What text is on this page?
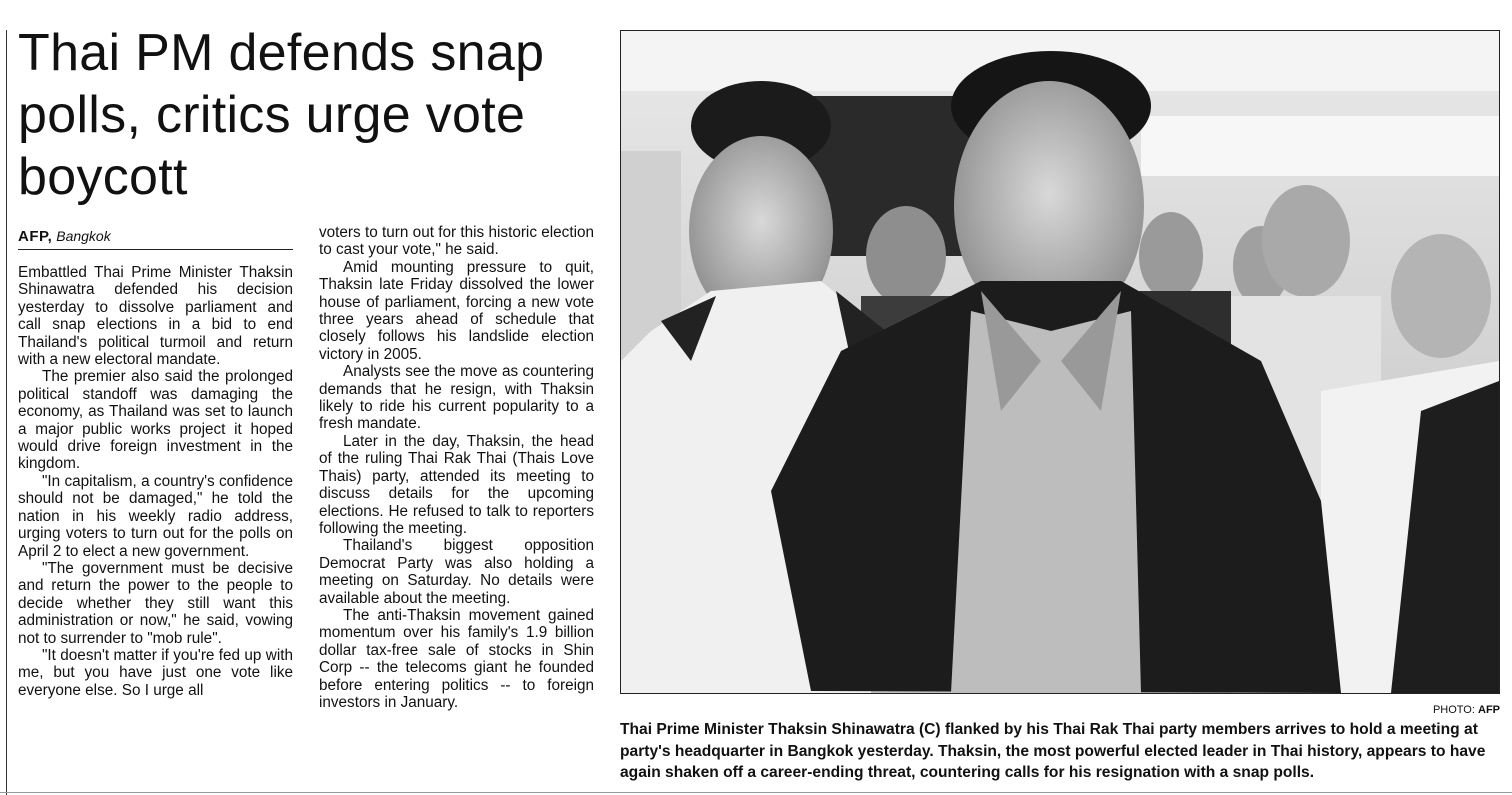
Thai PM defends snap polls, critics urge vote boycott
AFP, Bangkok

Embattled Thai Prime Minister Thaksin Shinawatra defended his decision yesterday to dissolve parliament and call snap elections in a bid to end Thailand's political turmoil and return with a new electoral mandate.

The premier also said the prolonged political standoff was damaging the economy, as Thailand was set to launch a major public works project it hoped would drive foreign investment in the kingdom.

"In capitalism, a country's confidence should not be damaged," he told the nation in his weekly radio address, urging voters to turn out for the polls on April 2 to elect a new government.

"The government must be decisive and return the power to the people to decide whether they still want this administration or now," he said, vowing not to surrender to "mob rule".

"It doesn't matter if you're fed up with me, but you have just one vote like everyone else. So I urge all

voters to turn out for this historic election to cast your vote," he said.

Amid mounting pressure to quit, Thaksin late Friday dissolved the lower house of parliament, forcing a new vote three years ahead of schedule that closely follows his landslide election victory in 2005.

Analysts see the move as countering demands that he resign, with Thaksin likely to ride his current popularity to a fresh mandate.

Later in the day, Thaksin, the head of the ruling Thai Rak Thai (Thais Love Thais) party, attended its meeting to discuss details for the upcoming elections. He refused to talk to reporters following the meeting.

Thailand's biggest opposition Democrat Party was also holding a meeting on Saturday. No details were available about the meeting.

The anti-Thaksin movement gained momentum over his family's 1.9 billion dollar tax-free sale of stocks in Shin Corp -- the telecoms giant he founded before entering politics -- to foreign investors in January.	PHOTO: AFP
Thai Prime Minister Thaksin Shinawatra (C) flanked by his Thai Rak Thai party members arrives to hold a meeting at party's headquarter in Bangkok yesterday. Thaksin, the most powerful elected leader in Thai history, appears to have again shaken off a career-ending threat, countering calls for his resignation with a snap polls.
